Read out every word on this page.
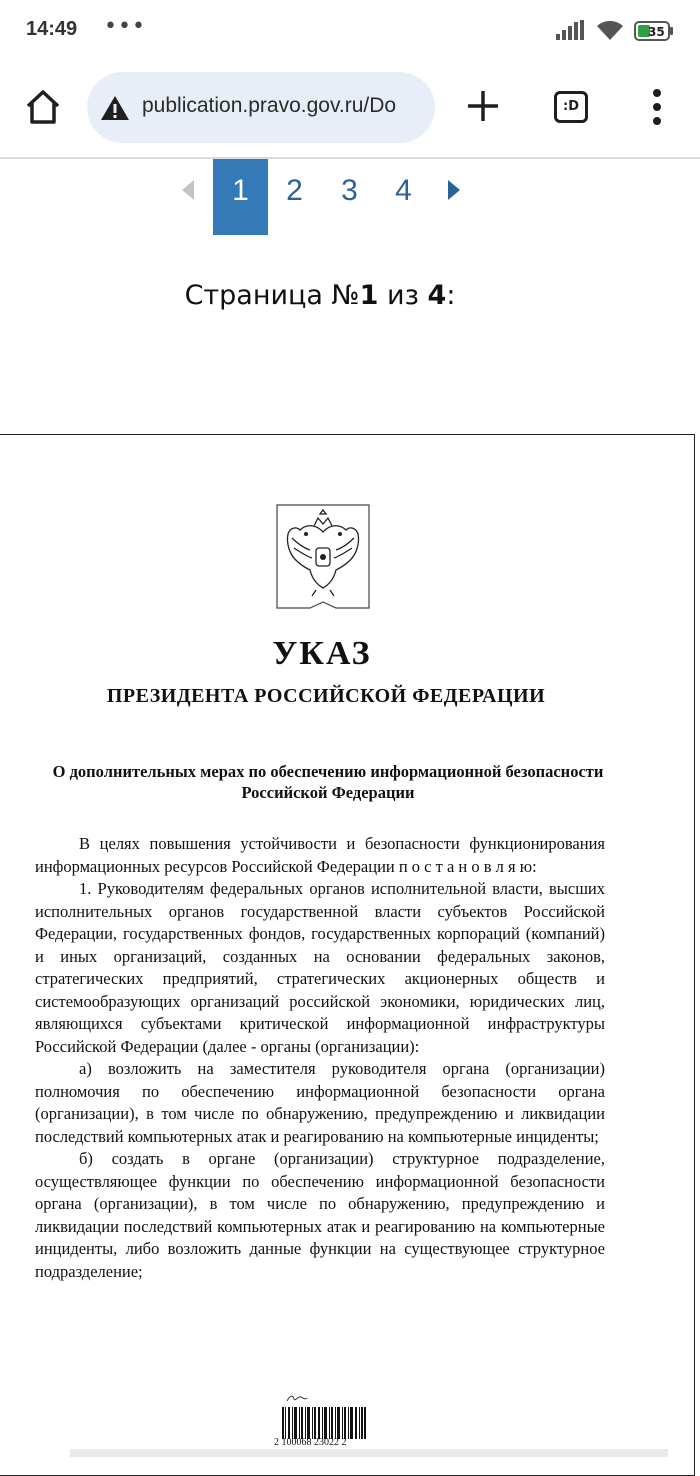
14:49 •••	35
publication.pravo.gov.ru/Do	:D
1	2	3	4
Страница №1 из 4:
УКАЗ
ПРЕЗИДЕНТА РОССИЙСКОЙ ФЕДЕРАЦИИ
О дополнительных мерах по обеспечению информационной безопасности Российской Федерации

В целях повышения устойчивости и безопасности функционирования информационных ресурсов Российской Федерации п о с т а н о в л я ю:

1. Руководителям федеральных органов исполнительной власти, высших исполнительных органов государственной власти субъектов Российской Федерации, государственных фондов, государственных корпораций (компаний) и иных организаций, созданных на основании федеральных законов, стратегических предприятий, стратегических акционерных обществ и системообразующих организаций российской экономики, юридических лиц, являющихся субъектами критической информационной инфраструктуры Российской Федерации (далее - органы (организации):

а) возложить на заместителя руководителя органа (организации) полномочия по обеспечению информационной безопасности органа (организации), в том числе по обнаружению, предупреждению и ликвидации последствий компьютерных атак и реагированию на компьютерные инциденты;

б) создать в органе (организации) структурное подразделение, осуществляющее функции по обеспечению информационной безопасности органа (организации), в том числе по обнаружению, предупреждению и ликвидации последствий компьютерных атак и реагированию на компьютерные инциденты, либо возложить данные функции на существующее структурное подразделение;

2 100068 23022 2
